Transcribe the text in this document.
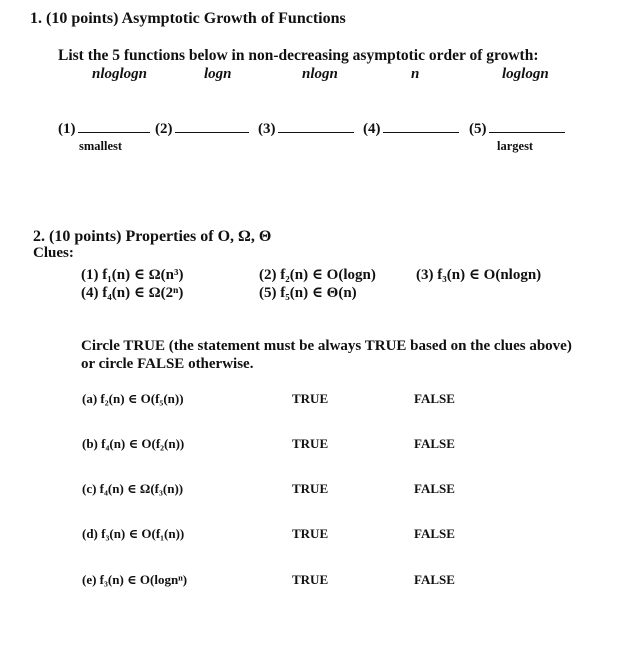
1. (10 points) Asymptotic Growth of Functions
List the 5 functions below in non-decreasing asymptotic order of growth:
nloglogn	logn	nlogn	n	loglogn
(1)	(2)	(3)	(4)	(5)
smallest	largest
2. (10 points) Properties of O, Ω, Θ
Clues:
(1) f₁(n) ∈ Ω(n³)	(2) f₂(n) ∈ O(logn)	(3) f₃(n) ∈ O(nlogn)
(4) f₄(n) ∈ Ω(2ⁿ)	(5) f₅(n) ∈ Θ(n)
Circle TRUE (the statement must be always TRUE based on the clues above)
or circle FALSE otherwise.
(a) f₂(n) ∈ O(f₅(n))	TRUE	FALSE
(b) f₄(n) ∈ O(f₂(n))	TRUE	FALSE
(c) f₄(n) ∈ Ω(f₃(n))	TRUE	FALSE
(d) f₃(n) ∈ O(f₁(n))	TRUE	FALSE
(e) f₃(n) ∈ O(lognⁿ)	TRUE	FALSE
